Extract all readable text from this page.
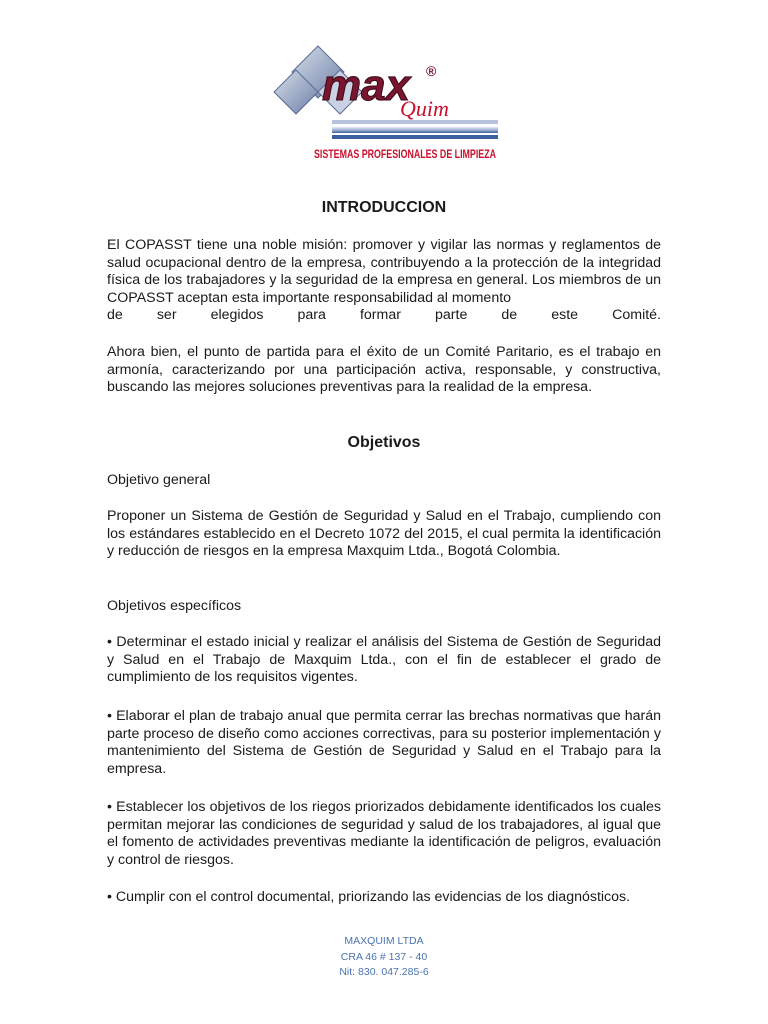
max ®
Quim
SISTEMAS PROFESIONALES DE LIMPIEZA
INTRODUCCION
El COPASST tiene una noble misión: promover y vigilar las normas y reglamentos de salud ocupacional dentro de la empresa, contribuyendo a la protección de la integridad física de los trabajadores y la seguridad de la empresa en general. Los miembros de un COPASST aceptan esta importante responsabilidad al momento
de ser elegidos para formar parte de este Comité.
Ahora bien, el punto de partida para el éxito de un Comité Paritario, es el trabajo en armonía, caracterizando por una participación activa, responsable, y constructiva, buscando las mejores soluciones preventivas para la realidad de la empresa.
Objetivos
Objetivo general
Proponer un Sistema de Gestión de Seguridad y Salud en el Trabajo, cumpliendo con los estándares establecido en el Decreto 1072 del 2015, el cual permita la identificación y reducción de riesgos en la empresa Maxquim Ltda., Bogotá Colombia.
Objetivos específicos
• Determinar el estado inicial y realizar el análisis del Sistema de Gestión de Seguridad y Salud en el Trabajo de Maxquim Ltda., con el fin de establecer el grado de cumplimiento de los requisitos vigentes.
• Elaborar el plan de trabajo anual que permita cerrar las brechas normativas que harán parte proceso de diseño como acciones correctivas, para su posterior implementación y mantenimiento del Sistema de Gestión de Seguridad y Salud en el Trabajo para la empresa.
• Establecer los objetivos de los riegos priorizados debidamente identificados los cuales permitan mejorar las condiciones de seguridad y salud de los trabajadores, al igual que el fomento de actividades preventivas mediante la identificación de peligros, evaluación y control de riesgos.
• Cumplir con el control documental, priorizando las evidencias de los diagnósticos.
MAXQUIM LTDA
CRA 46 # 137 - 40
Nit: 830. 047.285-6
